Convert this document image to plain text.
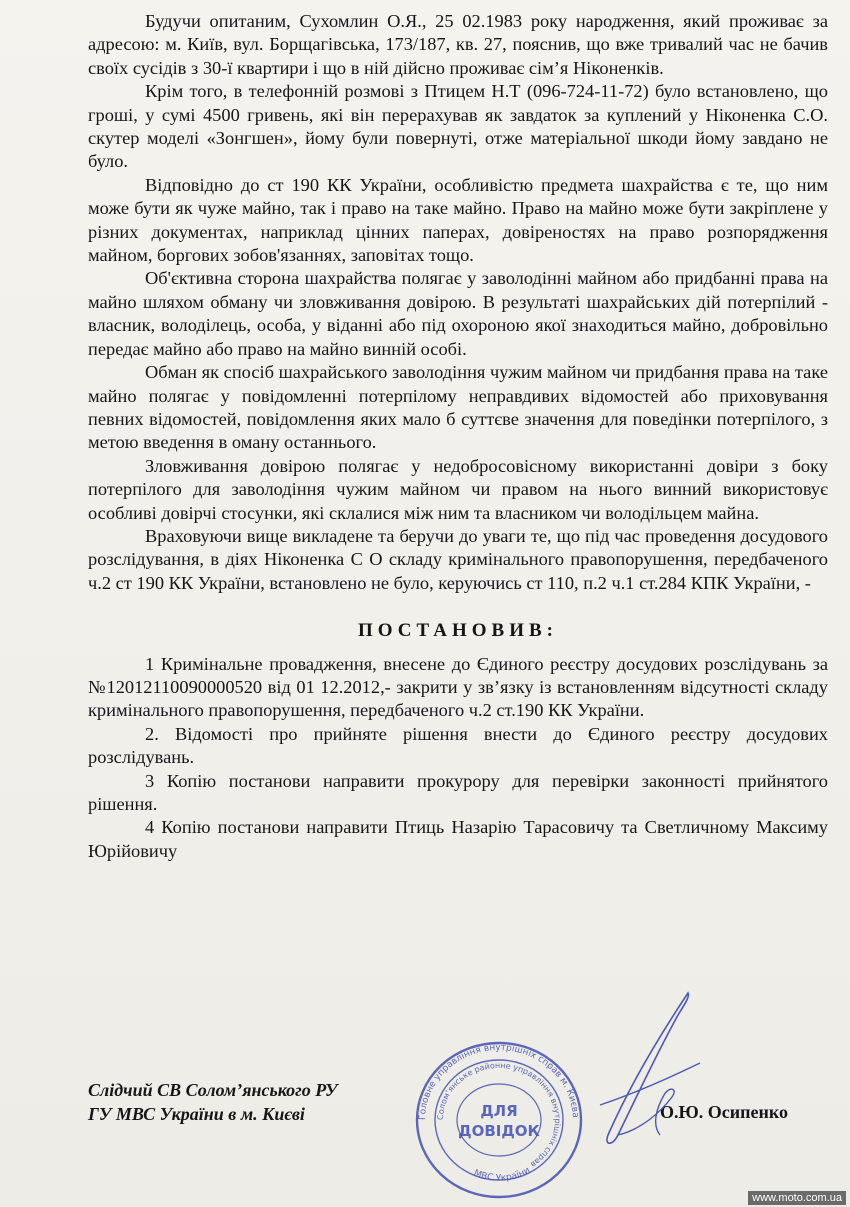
Будучи опитаним, Сухомлин О.Я., 25 02.1983 року народження, який проживає за адресою: м. Київ, вул. Борщагівська, 173/187, кв. 27, пояснив, що вже тривалий час не бачив своїх сусідів з 30-ї квартири і що в ній дійсно проживає сім’я Ніконенків.

Крім того, в телефонній розмові з Птицем Н.Т (096-724-11-72) було встановлено, що гроші, у сумі 4500 гривень, які він перерахував як завдаток за куплений у Ніконенка С.О. скутер моделі «Зонгшен», йому були повернуті, отже матеріальної шкоди йому завдано не було.

Відповідно до ст 190 КК України, особливістю предмета шахрайства є те, що ним може бути як чуже майно, так і право на таке майно. Право на майно може бути закріплене у різних документах, наприклад цінних паперах, довіреностях на право розпорядження майном, боргових зобов'язаннях, заповітах тощо.

Об'єктивна сторона шахрайства полягає у заволодінні майном або придбанні права на майно шляхом обману чи зловживання довірою. В результаті шахрайських дій потерпілий - власник, володілець, особа, у віданні або під охороною якої знаходиться майно, добровільно передає майно або право на майно винній особі.

Обман як спосіб шахрайського заволодіння чужим майном чи придбання права на таке майно полягає у повідомленні потерпілому неправдивих відомостей або приховування певних відомостей, повідомлення яких мало б суттєве значення для поведінки потерпілого, з метою введення в оману останнього.

Зловживання довірою полягає у недобросовісному використанні довіри з боку потерпілого для заволодіння чужим майном чи правом на нього винний використовує особливі довірчі стосунки, які склалися між ним та власником чи володільцем майна.

Враховуючи вище викладене та беручи до уваги те, що під час проведення досудового розслідування, в діях Ніконенка С О складу кримінального правопорушення, передбаченого ч.2 ст 190 КК України, встановлено не було, керуючись ст 110, п.2 ч.1 ст.284 КПК України, -

ПОСТАНОВИВ:

1 Кримінальне провадження, внесене до Єдиного реєстру досудових розслідувань за №12012110090000520 від 01 12.2012,- закрити у зв’язку із встановленням відсутності складу кримінального правопорушення, передбаченого ч.2 ст.190 КК України.

2. Відомості про прийняте рішення внести до Єдиного реєстру досудових розслідувань.

3 Копію постанови направити прокурору для перевірки законності прийнятого рішення.

4 Копію постанови направити Птиць Назарію Тарасовичу та Светличному Максиму Юрійовичу

Слідчий СВ Солом’янського РУ
ГУ МВС України в м. Києві	О.Ю. Осипенко
Головне управління внутрішніх справ м. Києва
Солом’янське районне управління внутрішніх справ
МВС України
ДЛЯ
ДОВІДОК
www.moto.com.ua
